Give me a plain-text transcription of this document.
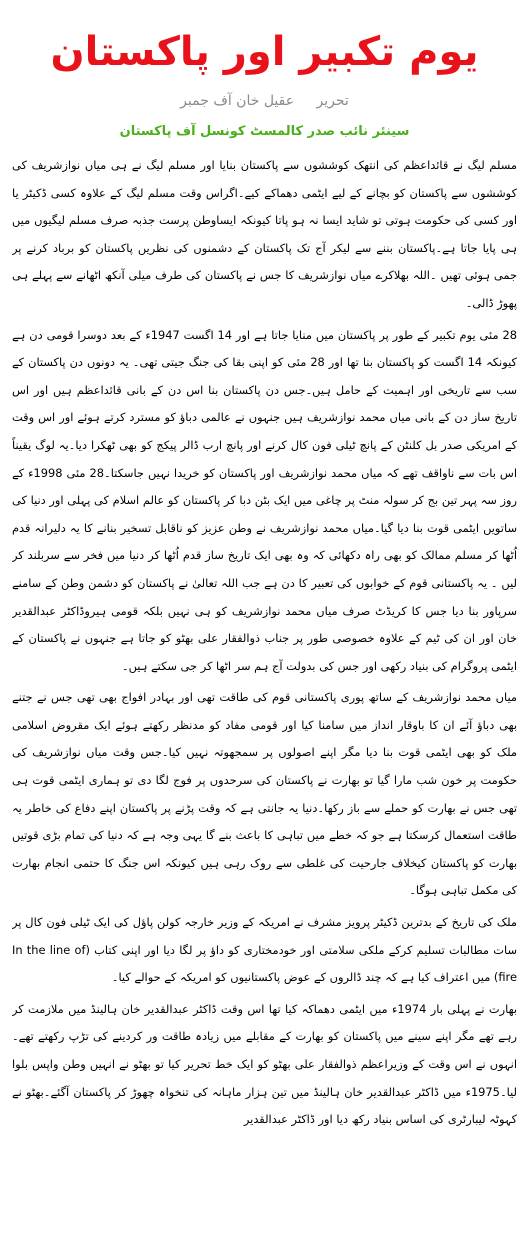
یوم تکبیر اور پاکستان
تحریر عقیل خان آف جمبر
سینئر نائب صدر کالمسٹ کونسل آف پاکستان

مسلم لیگ نے قائداعظم کی انتھک کوششوں سے پاکستان بنایا اور مسلم لیگ نے ہی میاں نوازشریف کی کوششوں سے پاکستان کو بچانے کے لیے ایٹمی دھماکے کیے۔اگراس وقت مسلم لیگ کے علاوہ کسی ڈکیٹر یا اور کسی کی حکومت ہوتی تو شاید ایسا نہ ہو پاتا کیونکہ ایساوطن پرست جذبہ صرف مسلم لیگیوں میں ہی پایا جاتا ہے۔پاکستان بننے سے لیکر آج تک پاکستان کے دشمنوں کی نظریں پاکستان کو برباد کرنے پر جمی ہوئی تھیں ۔اللہ بھلاکرے میاں نوازشریف کا جس نے پاکستان کی طرف میلی آنکھ اٹھانے سے پہلے ہی پھوڑ ڈالی۔

28 مئی یوم تکبیر کے طور پر پاکستان میں منایا جاتا ہے اور 14 اگست 1947ء کے بعد دوسرا قومی دن ہے کیونکہ 14 اگست کو پاکستان بنا تھا اور 28 مئی کو اپنی بقا کی جنگ جیتی تھی۔ یہ دونوں دن پاکستان کے سب سے تاریخی اور اہمیت کے حامل ہیں۔جس دن پاکستان بنا اس دن کے بانی قائداعظم ہیں اور اس تاریخ ساز دن کے بانی میاں محمد نوازشریف ہیں جنہوں نے عالمی دباؤ کو مسترد کرتے ہوئے اور اس وقت کے امریکی صدر بل کلنٹن کے پانچ ٹیلی فون کال کرنے اور پانچ ارب ڈالر پیکج کو بھی ٹھکرا دیا۔یہ لوگ یقیناً اس بات سے ناواقف تھے کہ میاں محمد نوازشریف اور پاکستان کو خریدا نہیں جاسکتا۔28 مئی 1998ء کے روز سہ پہر تین بج کر سولہ منٹ پر چاغی میں ایک بٹن دبا کر پاکستان کو عالم اسلام کی پہلی اور دنیا کی ساتویں ایٹمی قوت بنا دیا گیا۔میاں محمد نوازشریف نے وطن عزیز کو ناقابل تسخیر بنانے کا یہ دلیرانہ قدم اُٹھا کر مسلم ممالک کو بھی راہ دکھائی کہ وہ بھی ایک تاریخ ساز قدم اُٹھا کر دنیا میں فخر سے سربلند کر لیں ۔ یہ پاکستانی قوم کے خوابوں کی تعبیر کا دن ہے جب اللہ تعالیٰ نے پاکستان کو دشمن وطن کے سامنے سرپاور بنا دیا جس کا کریڈٹ صرف میاں محمد نوازشریف کو ہی نہیں بلکہ قومی ہیروڈاکٹر عبدالقدیر خان اور ان کی ٹیم کے علاوہ خصوصی طور پر جناب ذوالفقار علی بھٹو کو جاتا ہے جنہوں نے پاکستان کے ایٹمی پروگرام کی بنیاد رکھی اور جس کی بدولت آج ہم سر اٹھا کر جی سکتے ہیں۔

میاں محمد نوازشریف کے ساتھ پوری پاکستانی قوم کی طاقت تھی اور بہادر افواج بھی تھی جس نے جتنے بھی دباؤ آئے ان کا باوقار انداز میں سامنا کیا اور قومی مفاد کو مدنظر رکھتے ہوئے ایک مقروض اسلامی ملک کو بھی ایٹمی قوت بنا دیا مگر اپنے اصولوں پر سمجھوتہ نہیں کیا۔جس وقت میاں نوازشریف کی حکومت پر خون شب مارا گیا تو بھارت نے پاکستان کی سرحدوں پر فوج لگا دی تو ہماری ایٹمی قوت ہی تھی جس نے بھارت کو حملے سے باز رکھا۔دنیا یہ جانتی ہے کہ وقت پڑنے پر پاکستان اپنے دفاع کی خاطر یہ طاقت استعمال کرسکتا ہے جو کہ خطے میں تباہی کا باعث بنے گا یہی وجہ ہے کہ دنیا کی تمام بڑی قوتیں بھارت کو پاکستان کیخلاف جارحیت کی غلطی سے روک رہی ہیں کیونکہ اس جنگ کا حتمی انجام بھارت کی مکمل تباہی ہوگا۔

ملک کی تاریخ کے بدترین ڈکیٹر پرویز مشرف نے امریکہ کے وزیر خارجہ کولن پاؤل کی ایک ٹیلی فون کال پر سات مطالبات تسلیم کرکے ملکی سلامتی اور خودمختاری کو داؤ پر لگا دیا اور اپنی کتاب (In the line of fire) میں اعتراف کیا ہے کہ چند ڈالروں کے عوض پاکستانیوں کو امریکہ کے حوالے کیا۔

بھارت نے پہلی بار 1974ء میں ایٹمی دھماکہ کیا تھا اس وقت ڈاکٹر عبدالقدیر خان ہالینڈ میں ملازمت کر رہے تھے مگر اپنے سینے میں پاکستان کو بھارت کے مقابلے میں زیادہ طاقت ور کردینے کی تڑپ رکھتے تھے۔ انہوں نے اس وقت کے وزیراعظم ذوالفقار علی بھٹو کو ایک خط تحریر کیا تو بھٹو نے انہیں وطن واپس بلوا لیا۔1975ء میں ڈاکٹر عبدالقدیر خان ہالینڈ میں تین ہزار ماہانہ کی تنخواہ چھوڑ کر پاکستان آگئے۔بھٹو نے کہوٹہ لیبارٹری کی اساس بنیاد رکھ دیا اور ڈاکٹر عبدالقدیر
